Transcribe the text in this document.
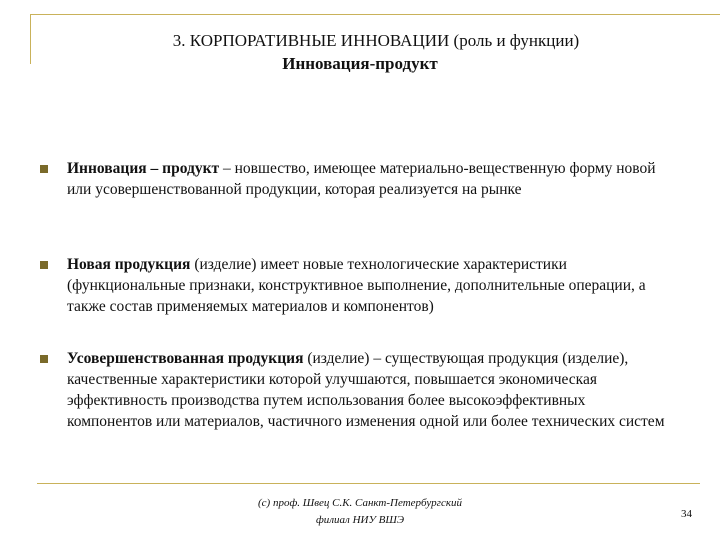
3. КОРПОРАТИВНЫЕ ИННОВАЦИИ (роль и функции)
Инновация-продукт
Инновация – продукт – новшество, имеющее материально-вещественную форму новой или усовершенствованной продукции, которая реализуется на рынке
Новая продукция (изделие) имеет новые технологические характеристики (функциональные признаки, конструктивное выполнение, дополнительные операции, а также состав применяемых материалов и компонентов)
Усовершенствованная продукция (изделие) – существующая продукция (изделие), качественные характеристики которой улучшаются, повышается экономическая эффективность производства путем использования более высокоэффективных компонентов или материалов, частичного изменения одной или более технических систем
(c) проф. Швец С.К. Санкт-Петербургский
филиал НИУ ВШЭ	34
